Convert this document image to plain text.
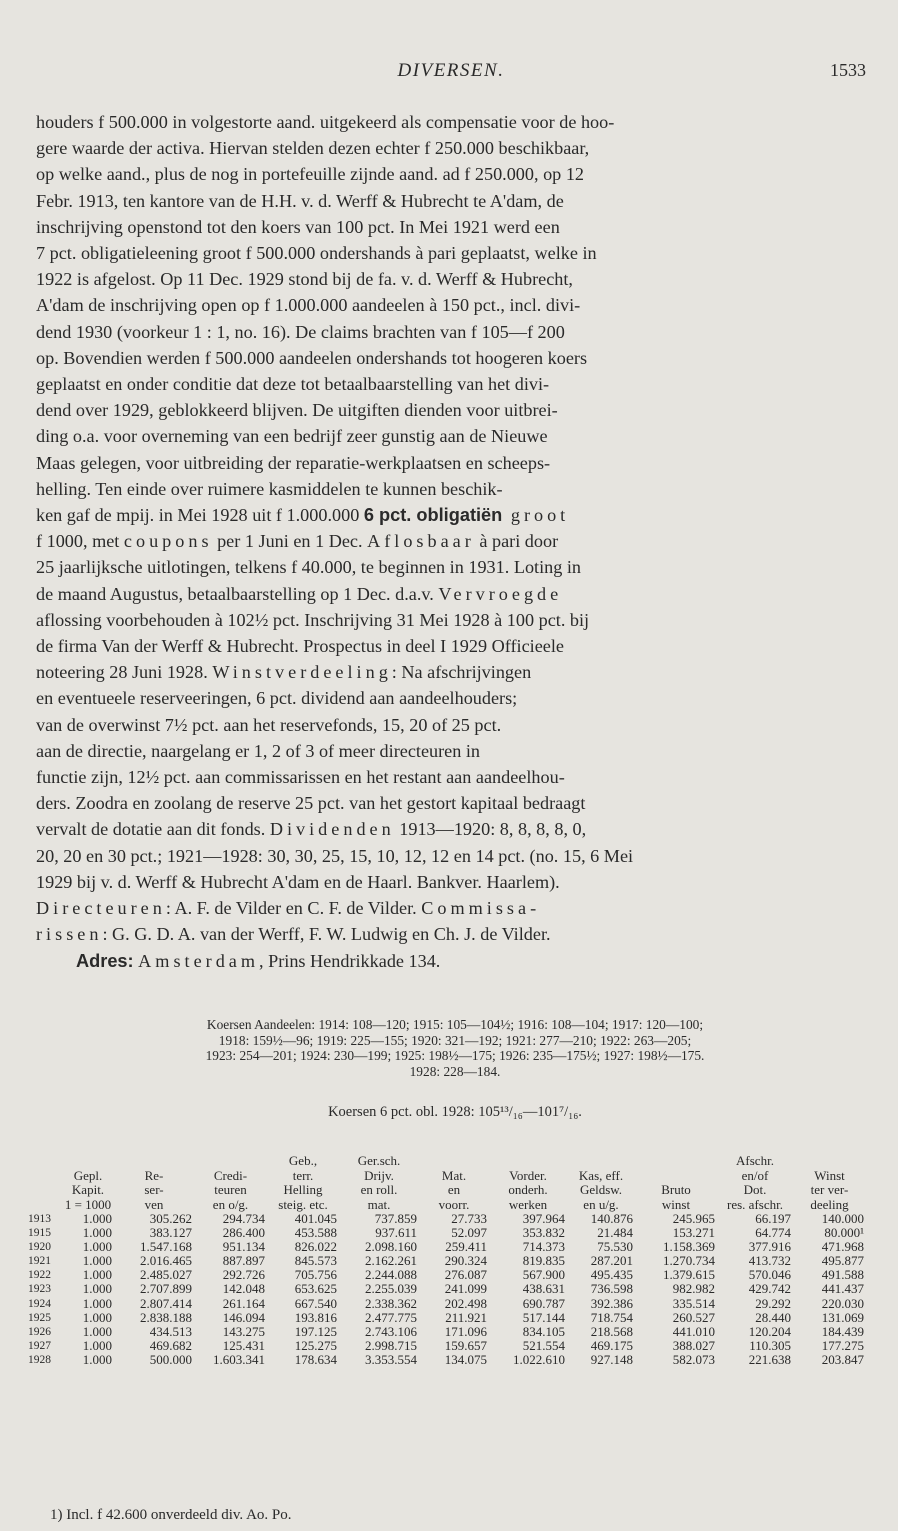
DIVERSEN.	1533

houders f 500.000 in volgestorte aand. uitgekeerd als compensatie voor de hoo-

gere waarde der activa. Hiervan stelden dezen echter f 250.000 beschikbaar,

op welke aand., plus de nog in portefeuille zijnde aand. ad f 250.000, op 12

Febr. 1913, ten kantore van de H.H. v. d. Werff & Hubrecht te A'dam, de

inschrijving openstond tot den koers van 100 pct. In Mei 1921 werd een

7 pct. obligatieleening groot f 500.000 ondershands à pari geplaatst, welke in

1922 is afgelost. Op 11 Dec. 1929 stond bij de fa. v. d. Werff & Hubrecht,

A'dam de inschrijving open op f 1.000.000 aandeelen à 150 pct., incl. divi-

dend 1930 (voorkeur 1 : 1, no. 16). De claims brachten van f 105—f 200

op. Bovendien werden f 500.000 aandeelen ondershands tot hoogeren koers

geplaatst en onder conditie dat deze tot betaalbaarstelling van het divi-

dend over 1929, geblokkeerd blijven. De uitgiften dienden voor uitbrei-

ding o.a. voor overneming van een bedrijf zeer gunstig aan de Nieuwe

Maas gelegen, voor uitbreiding der reparatie-werkplaatsen en scheeps-

helling. Ten einde over ruimere kasmiddelen te kunnen beschik-

ken gaf de mpij. in Mei 1928 uit f 1.000.000 6 pct. obligatiën groot

f 1000, met coupons per 1 Juni en 1 Dec. Aflosbaar à pari door

25 jaarlijksche uitlotingen, telkens f 40.000, te beginnen in 1931. Loting in

de maand Augustus, betaalbaarstelling op 1 Dec. d.a.v. Vervroegde

aflossing voorbehouden à 102½ pct. Inschrijving 31 Mei 1928 à 100 pct. bij

de firma Van der Werff & Hubrecht. Prospectus in deel I 1929 Officieele

noteering 28 Juni 1928. Winstverdeeling: Na afschrijvingen

en eventueele reserveeringen, 6 pct. dividend aan aandeelhouders;

van de overwinst 7½ pct. aan het reservefonds, 15, 20 of 25 pct.

aan de directie, naargelang er 1, 2 of 3 of meer directeuren in

functie zijn, 12½ pct. aan commissarissen en het restant aan aandeelhou-

ders. Zoodra en zoolang de reserve 25 pct. van het gestort kapitaal bedraagt

vervalt de dotatie aan dit fonds. Dividenden 1913—1920: 8, 8, 8, 8, 0,

20, 20 en 30 pct.; 1921—1928: 30, 30, 25, 15, 10, 12, 12 en 14 pct. (no. 15, 6 Mei

1929 bij v. d. Werff & Hubrecht A'dam en de Haarl. Bankver. Haarlem).

Directeuren: A. F. de Vilder en C. F. de Vilder. Commissa-

rissen: G. G. D. A. van der Werff, F. W. Ludwig en Ch. J. de Vilder.

Adres: Amsterdam, Prins Hendrikkade 134.

Koersen Aandeelen: 1914: 108—120; 1915: 105—104½; 1916: 108—104; 1917: 120—100;

1918: 159½—96; 1919: 225—155; 1920: 321—192; 1921: 277—210; 1922: 263—205;

1923: 254—201; 1924: 230—199; 1925: 198½—175; 1926: 235—175½; 1927: 198½—175.

1928: 228—184.

Koersen 6 pct. obl. 1928: 105¹³/₁₆—101⁷/₁₆.
				Geb.,	Ger.sch.					Afschr.	
	Gepl.	Re-	Credi-	terr.	Drijv.	Mat.	Vorder.	Kas, eff.		en/of	Winst
	Kapit.	ser-	teuren	Helling	en roll.	en	onderh.	Geldsw.	Bruto	Dot.	ter ver-
	1 = 1000	ven	en o/g.	steig. etc.	mat.	voorr.	werken	en u/g.	winst	res. afschr.	deeling
1913	1.000	305.262	294.734	401.045	737.859	27.733	397.964	140.876	245.965	66.197	140.000
1915	1.000	383.127	286.400	453.588	937.611	52.097	353.832	21.484	153.271	64.774	80.000¹
1920	1.000	1.547.168	951.134	826.022	2.098.160	259.411	714.373	75.530	1.158.369	377.916	471.968
1921	1.000	2.016.465	887.897	845.573	2.162.261	290.324	819.835	287.201	1.270.734	413.732	495.877
1922	1.000	2.485.027	292.726	705.756	2.244.088	276.087	567.900	495.435	1.379.615	570.046	491.588
1923	1.000	2.707.899	142.048	653.625	2.255.039	241.099	438.631	736.598	982.982	429.742	441.437
1924	1.000	2.807.414	261.164	667.540	2.338.362	202.498	690.787	392.386	335.514	29.292	220.030
1925	1.000	2.838.188	146.094	193.816	2.477.775	211.921	517.144	718.754	260.527	28.440	131.069
1926	1.000	434.513	143.275	197.125	2.743.106	171.096	834.105	218.568	441.010	120.204	184.439
1927	1.000	469.682	125.431	125.275	2.998.715	159.657	521.554	469.175	388.027	110.305	177.275
1928	1.000	500.000	1.603.341	178.634	3.353.554	134.075	1.022.610	927.148	582.073	221.638	203.847
1) Incl. f 42.600 onverdeeld div. Ao. Po.
